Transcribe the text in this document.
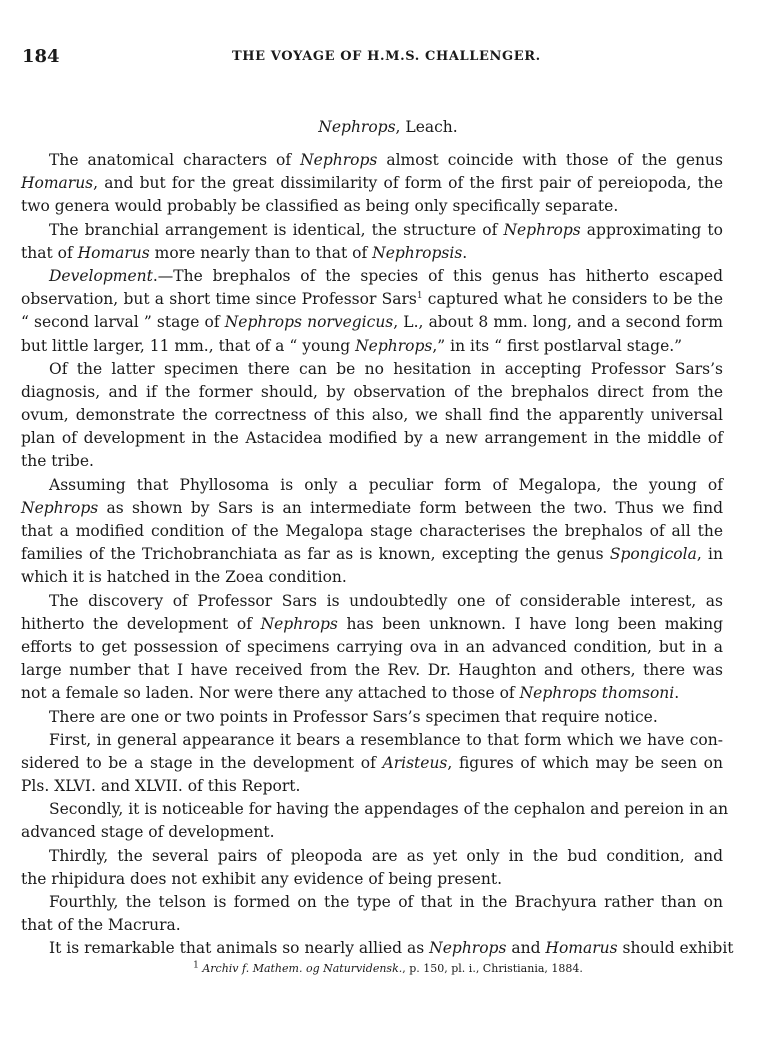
184	THE VOYAGE OF H.M.S. CHALLENGER.
Nephrops, Leach.
The anatomical characters of Nephrops almost coincide with those of the genus
Homarus, and but for the great dissimilarity of form of the first pair of pereiopoda, the
two genera would probably be classified as being only specifically separate.
The branchial arrangement is identical, the structure of Nephrops approximating to
that of Homarus more nearly than to that of Nephropsis.
Development.—The brephalos of the species of this genus has hitherto escaped
observation, but a short time since Professor Sars$^1$ captured what he considers to be the
“ second larval ” stage of Nephrops norvegicus, L., about 8 mm. long, and a second form
but little larger, 11 mm., that of a “ young Nephrops,” in its “ first postlarval stage.”
Of the latter specimen there can be no hesitation in accepting Professor Sars’s
diagnosis, and if the former should, by observation of the brephalos direct from the
ovum, demonstrate the correctness of this also, we shall find the apparently universal
plan of development in the Astacidea modified by a new arrangement in the middle of
the tribe.
Assuming that Phyllosoma is only a peculiar form of Megalopa, the young of
Nephrops as shown by Sars is an intermediate form between the two. Thus we find
that a modified condition of the Megalopa stage characterises the brephalos of all the
families of the Trichobranchiata as far as is known, excepting the genus Spongicola, in
which it is hatched in the Zoea condition.
The discovery of Professor Sars is undoubtedly one of considerable interest, as
hitherto the development of Nephrops has been unknown. I have long been making
efforts to get possession of specimens carrying ova in an advanced condition, but in a
large number that I have received from the Rev. Dr. Haughton and others, there was
not a female so laden. Nor were there any attached to those of Nephrops thomsoni.
There are one or two points in Professor Sars’s specimen that require notice.
First, in general appearance it bears a resemblance to that form which we have con-
sidered to be a stage in the development of Aristeus, figures of which may be seen on
Pls. XLVI. and XLVII. of this Report.
Secondly, it is noticeable for having the appendages of the cephalon and pereion in an
advanced stage of development.
Thirdly, the several pairs of pleopoda are as yet only in the bud condition, and
the rhipidura does not exhibit any evidence of being present.
Fourthly, the telson is formed on the type of that in the Brachyura rather than on
that of the Macrura.
It is remarkable that animals so nearly allied as Nephrops and Homarus should exhibit
$^1$ Archiv f. Mathem. og Naturvidensk., p. 150, pl. i., Christiania, 1884.
